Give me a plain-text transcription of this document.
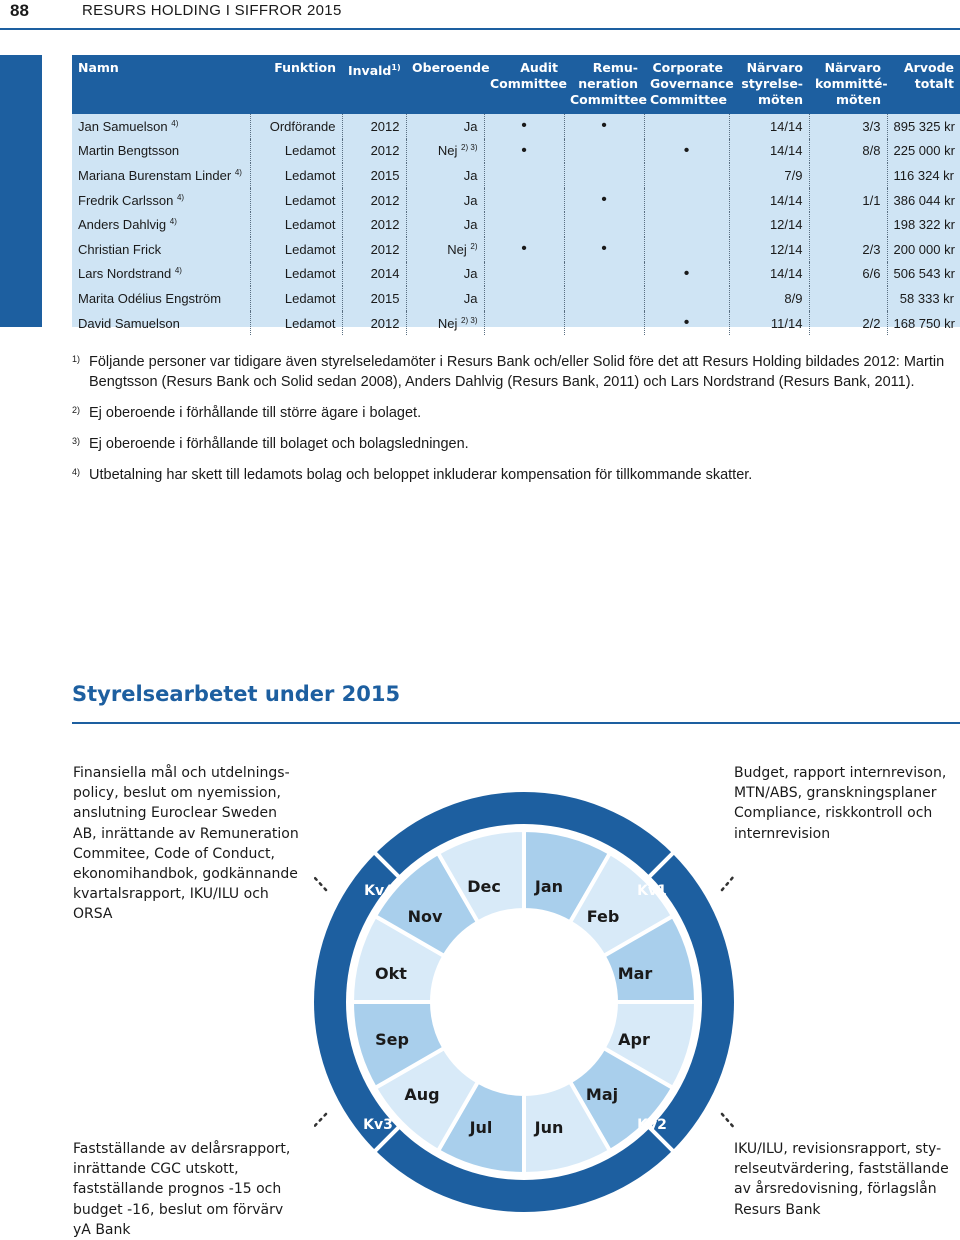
88	RESURS HOLDING I SIFFROR 2015
Namn	Funktion	Invald$^{1)}$	Oberoende	Audit Committee	Remu-neration Committee	Corporate Governance Committee	Närvaro styrelse-möten	Närvaro kommitté-möten	Arvode totalt
Jan Samuelson $^{4)}$	Ordförande	2012	Ja	•	•		14/14	3/3	895 325 kr
Martin Bengtsson	Ledamot	2012	Nej $^{2) 3)}$	•		•	14/14	8/8	225 000 kr
Mariana Burenstam Linder $^{4)}$	Ledamot	2015	Ja				7/9		116 324 kr
Fredrik Carlsson $^{4)}$	Ledamot	2012	Ja		•		14/14	1/1	386 044 kr
Anders Dahlvig $^{4)}$	Ledamot	2012	Ja				12/14		198 322 kr
Christian Frick	Ledamot	2012	Nej $^{2)}$	•	•		12/14	2/3	200 000 kr
Lars Nordstrand $^{4)}$	Ledamot	2014	Ja			•	14/14	6/6	506 543 kr
Marita Odélius Engström	Ledamot	2015	Ja				8/9		58 333 kr
David Samuelson	Ledamot	2012	Nej $^{2) 3)}$			•	11/14	2/2	168 750 kr
1) Följande personer var tidigare även styrelseledamöter i Resurs Bank och/eller Solid före det att Resurs Holding bildades 2012: Martin Bengtsson (Resurs Bank och Solid sedan 2008), Anders Dahlvig (Resurs Bank, 2011) och Lars Nordstrand (Resurs Bank, 2011).
2) Ej oberoende i förhållande till större ägare i bolaget.
3) Ej oberoende i förhållande till bolaget och bolagsledningen.
4) Utbetalning har skett till ledamots bolag och beloppet inkluderar kompensation för tillkommande skatter.
Styrelsearbetet under 2015
Finansiella mål och utdelnings-
policy, beslut om nyemission,
anslutning Euroclear Sweden
AB, inrättande av Remuneration
Commitee, Code of Conduct,
ekonomihandbok, godkännande
kvartalsrapport, IKU/ILU och
ORSA
Budget, rapport internrevison,
MTN/ABS, granskningsplaner
Compliance, riskkontroll och
internrevision
Fastställande av delårsrapport,
inrättande CGC utskott,
fastställande prognos -15 och
budget -16, beslut om förvärv
yA Bank
IKU/ILU, revisionsrapport, sty-
relseutvärdering, fastställande
av årsredovisning, förlagslån
Resurs Bank
Kv4	Kv1
Kv3	Kv2
Jan
Feb
Mar
Apr
Maj
Jun
Jul
Aug
Sep
Okt
Nov
Dec
